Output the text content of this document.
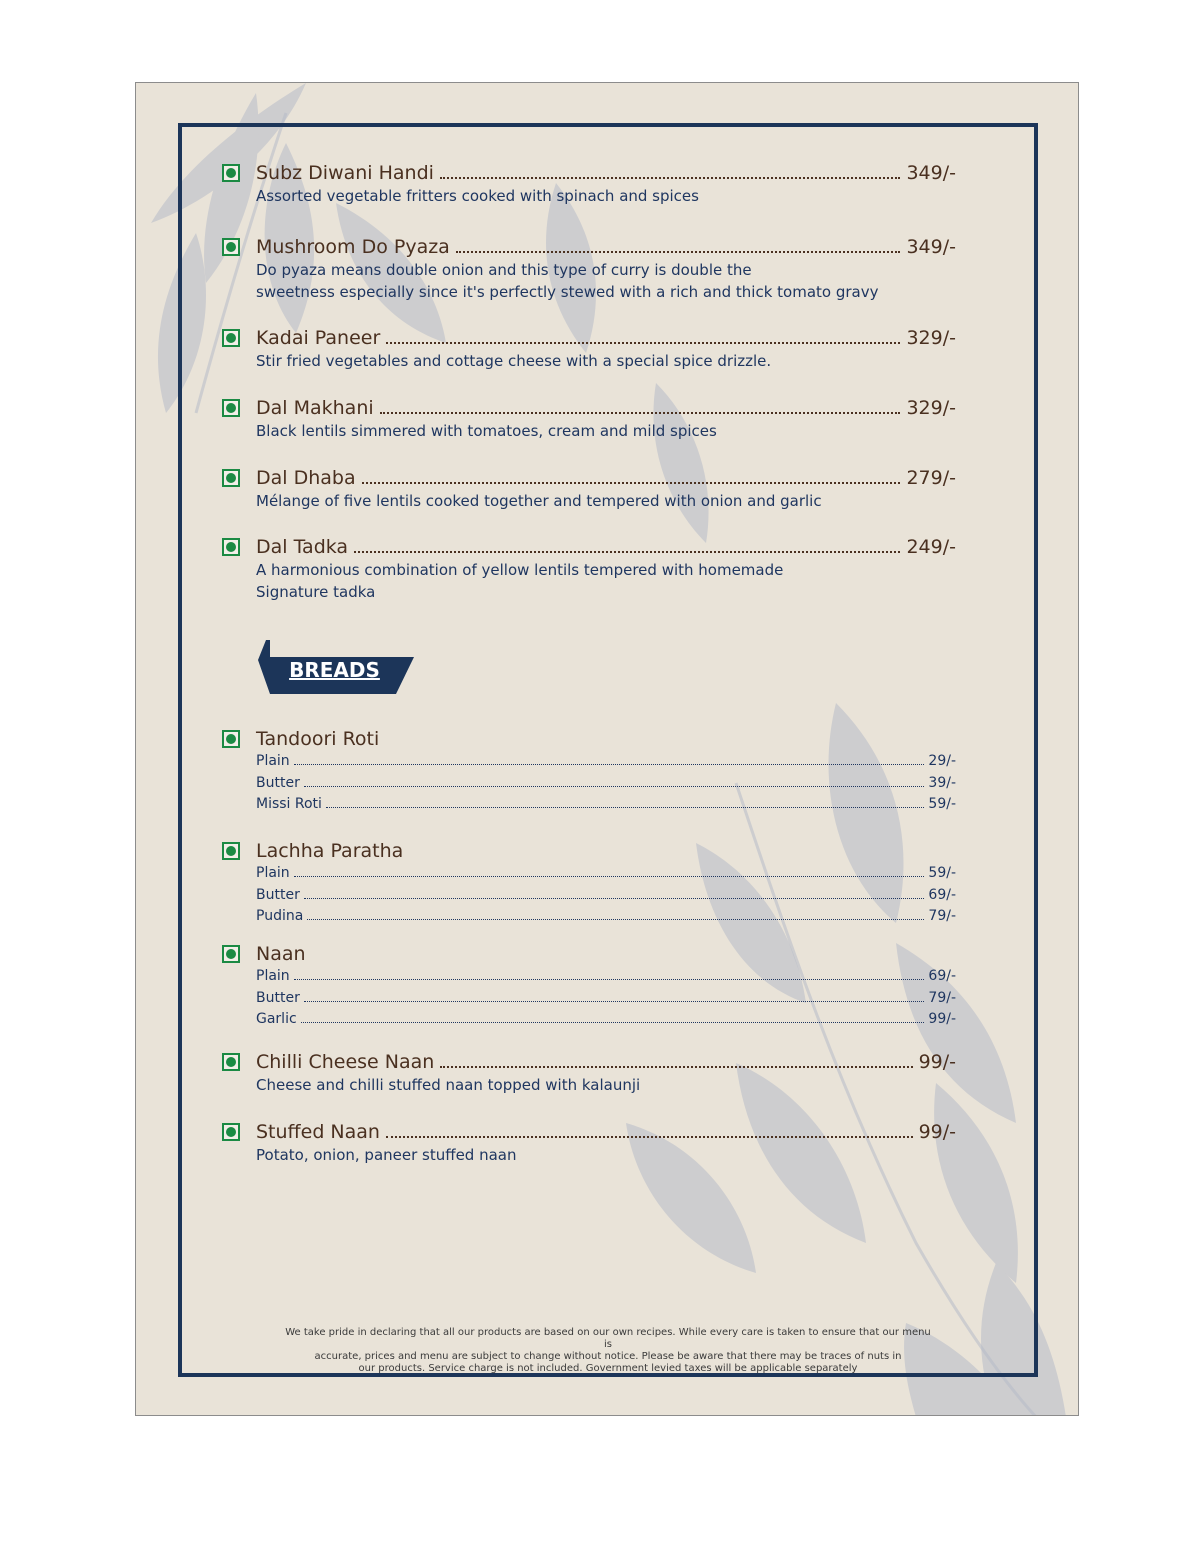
Subz Diwani Handi	349/-
Assorted vegetable fritters cooked with spinach and spices
Mushroom Do Pyaza	349/-
Do pyaza means double onion and this type of curry is double the
sweetness especially since it's perfectly stewed with a rich and thick tomato gravy
Kadai Paneer	329/-
Stir fried vegetables and cottage cheese with a special spice drizzle.
Dal Makhani	329/-
Black lentils simmered with tomatoes, cream and mild spices
Dal Dhaba	279/-
Mélange of five lentils cooked together and tempered with onion and garlic
Dal Tadka	249/-
A harmonious combination of yellow lentils tempered with homemade
Signature tadka
BREADS
Tandoori Roti
Plain	29/-
Butter	39/-
Missi Roti	59/-
Lachha Paratha
Plain	59/-
Butter	69/-
Pudina	79/-
Naan
Plain	69/-
Butter	79/-
Garlic	99/-
Chilli Cheese Naan	99/-
Cheese and chilli stuffed naan topped with kalaunji
Stuffed Naan	99/-
Potato, onion, paneer stuffed naan
We take pride in declaring that all our products are based on our own recipes. While every care is taken to ensure that our menu is
accurate, prices and menu are subject to change without notice. Please be aware that there may be traces of nuts in
our products. Service charge is not included. Government levied taxes will be applicable separately
